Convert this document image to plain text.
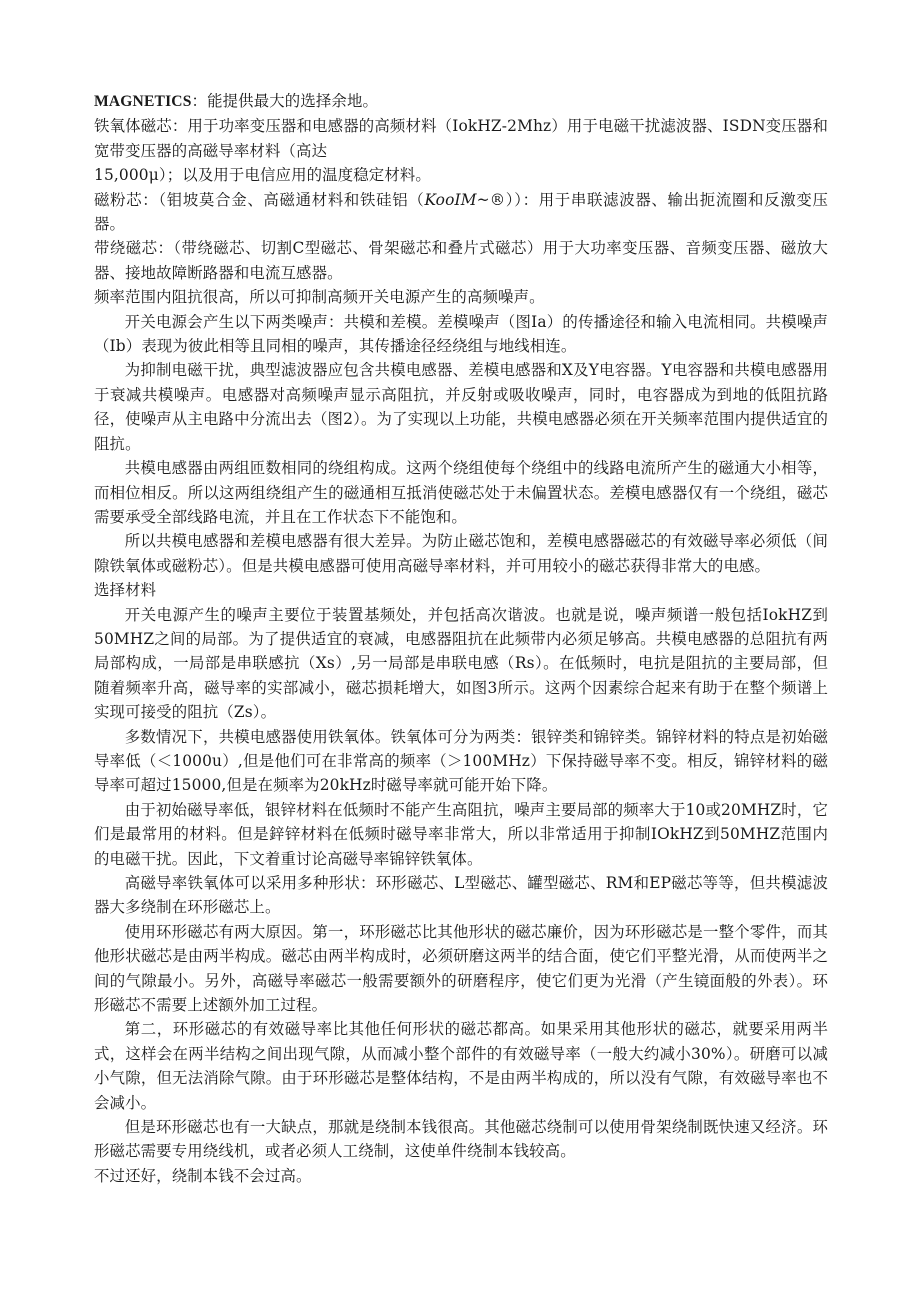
MAGNETICS：能提供最大的选择余地。

铁氧体磁芯：用于功率变压器和电感器的高频材料（IokHZ-2Mhz）用于电磁干扰滤波器、ISDN变压器和宽带变压器的高磁导率材料（高达

15,000μ）；以及用于电信应用的温度稳定材料。

磁粉芯：（钼坡莫合金、高磁通材料和铁硅铝（KooIM~®））：用于串联滤波器、输出扼流圈和反激变压器。

带绕磁芯：（带绕磁芯、切割C型磁芯、骨架磁芯和叠片式磁芯）用于大功率变压器、音频变压器、磁放大器、接地故障断路器和电流互感器。

频率范围内阻抗很高，所以可抑制高频开关电源产生的高频噪声。

开关电源会产生以下两类噪声：共模和差模。差模噪声（图Ia）的传播途径和输入电流相同。共模噪声（Ib）表现为彼此相等且同相的噪声，其传播途径经绕组与地线相连。

为抑制电磁干扰，典型滤波器应包含共模电感器、差模电感器和X及Y电容器。Y电容器和共模电感器用于衰减共模噪声。电感器对高频噪声显示高阻抗，并反射或吸收噪声，同时，电容器成为到地的低阻抗路径，使噪声从主电路中分流出去（图2）。为了实现以上功能，共模电感器必须在开关频率范围内提供适宜的阻抗。

共模电感器由两组匝数相同的绕组构成。这两个绕组使每个绕组中的线路电流所产生的磁通大小相等，而相位相反。所以这两组绕组产生的磁通相互抵消使磁芯处于未偏置状态。差模电感器仅有一个绕组，磁芯需要承受全部线路电流，并且在工作状态下不能饱和。

所以共模电感器和差模电感器有很大差异。为防止磁芯饱和，差模电感器磁芯的有效磁导率必须低（间隙铁氧体或磁粉芯）。但是共模电感器可使用高磁导率材料，并可用较小的磁芯获得非常大的电感。

选择材料

开关电源产生的噪声主要位于装置基频处，并包括高次谐波。也就是说，噪声频谱一般包括IokHZ到50MHZ之间的局部。为了提供适宜的衰减，电感器阻抗在此频带内必须足够高。共模电感器的总阻抗有两局部构成，一局部是串联感抗（Xs）,另一局部是串联电感（Rs）。在低频时，电抗是阻抗的主要局部，但随着频率升高，磁导率的实部减小，磁芯损耗增大，如图3所示。这两个因素综合起来有助于在整个频谱上实现可接受的阻抗（Zs）。

多数情况下，共模电感器使用铁氧体。铁氧体可分为两类：银锌类和锦锌类。锦锌材料的特点是初始磁导率低（＜1000u）,但是他们可在非常高的频率（＞100MHz）下保持磁导率不变。相反，锦锌材料的磁导率可超过15000,但是在频率为20kHz时磁导率就可能开始下降。

由于初始磁导率低，银锌材料在低频时不能产生高阻抗，噪声主要局部的频率大于10或20MHZ时，它们是最常用的材料。但是鋅锌材料在低频时磁导率非常大，所以非常适用于抑制IOkHZ到50MHZ范围内的电磁干扰。因此，下文着重讨论高磁导率锦锌铁氧体。

高磁导率铁氧体可以采用多种形状：环形磁芯、L型磁芯、罐型磁芯、RM和EP磁芯等等，但共模滤波器大多绕制在环形磁芯上。

使用环形磁芯有两大原因。第一，环形磁芯比其他形状的磁芯廉价，因为环形磁芯是一整个零件，而其他形状磁芯是由两半构成。磁芯由两半构成时，必须研磨这两半的结合面，使它们平整光滑，从而使两半之间的气隙最小。另外，高磁导率磁芯一般需要额外的研磨程序，使它们更为光滑（产生镜面般的外表）。环形磁芯不需要上述额外加工过程。

第二，环形磁芯的有效磁导率比其他任何形状的磁芯都高。如果采用其他形状的磁芯，就要采用两半式，这样会在两半结构之间出现气隙，从而减小整个部件的有效磁导率（一般大约减小30%）。研磨可以减小气隙，但无法消除气隙。由于环形磁芯是整体结构，不是由两半构成的，所以没有气隙，有效磁导率也不会减小。

但是环形磁芯也有一大缺点，那就是绕制本钱很高。其他磁芯绕制可以使用骨架绕制既快速又经济。环形磁芯需要专用绕线机，或者必须人工绕制，这使单件绕制本钱较高。

不过还好，绕制本钱不会过高。
